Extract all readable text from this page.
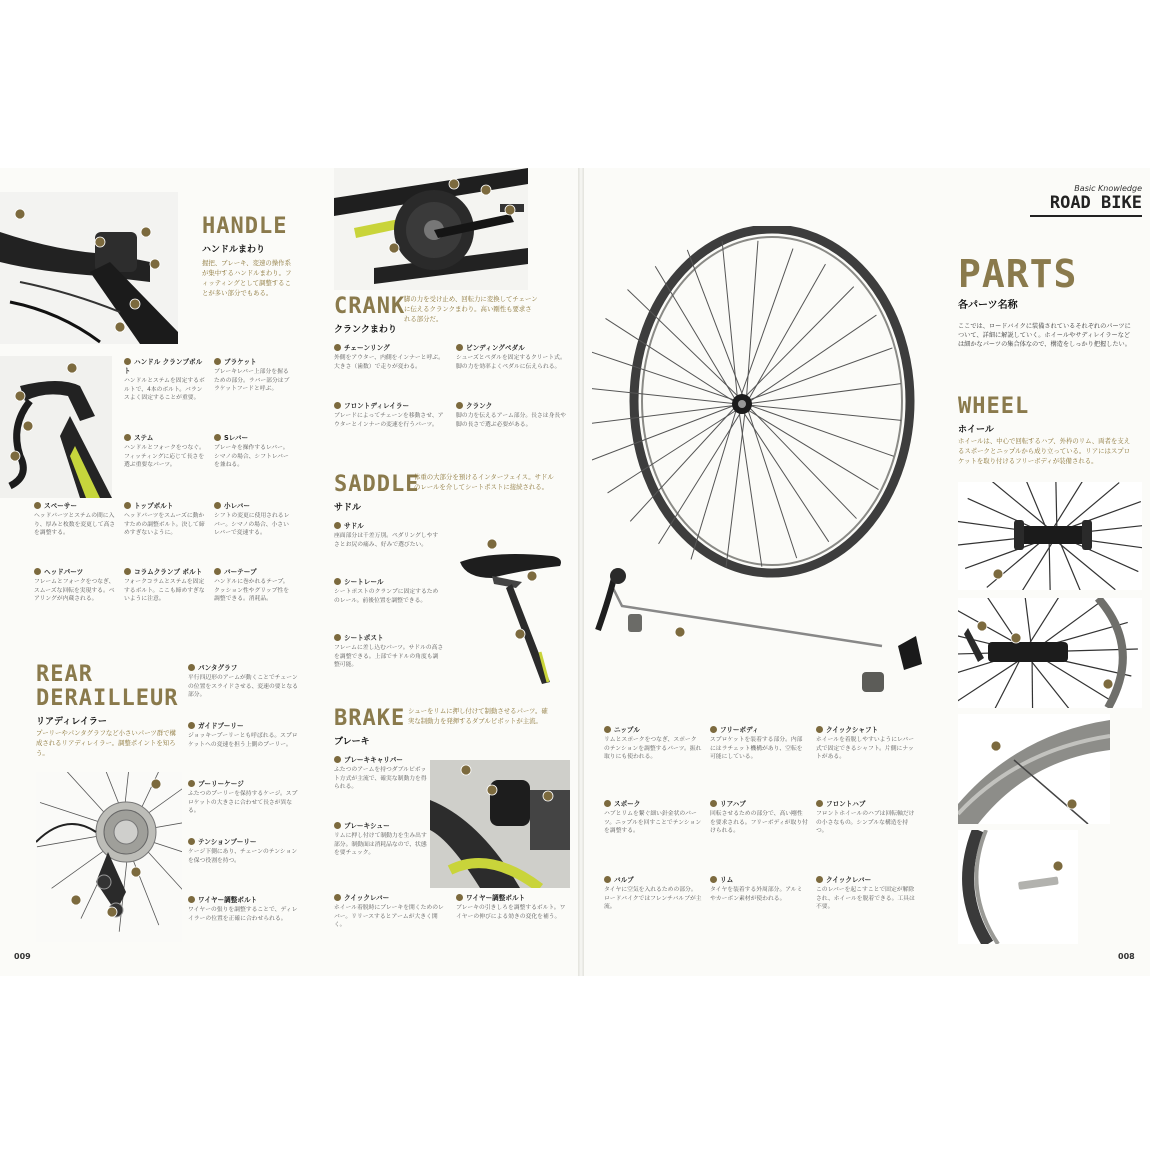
HANDLE
ハンドルまわり
握把、ブレーキ、変速の操作系が集中するハンドルまわり。フィッティングとして調整することが多い部分でもある。
ハンドル クランプボルト
ハンドルとステムを固定するボルトで、4本のボルト。バランスよく固定することが重要。
ブラケット
ブレーキレバー上部分を握るための部分。ラバー部分はブラケットフードと呼ぶ。
ステム
ハンドルとフォークをつなぐ。フィッティングに応じて長さを選ぶ重要なパーツ。
Sレバー
ブレーキを操作するレバー。シマノの場合、シフトレバーを兼ねる。
スペーサー
ヘッドパーツとステムの間に入り、厚みと枚数を変更して高さを調整する。
トップボルト
ヘッドパーツをスムーズに動かすための調整ボルト。決して締めすぎないように。
小レバー
シフトの変更に使用されるレバー。シマノの場合、小さいレバーで変速する。
ヘッドパーツ
フレームとフォークをつなぎ、スムーズな回転を実現する。ベアリングが内蔵される。
コラムクランプ ボルト
フォークコラムとステムを固定するボルト。ここも締めすぎないように注意。
バーテープ
ハンドルに巻かれるテープ。クッション性やグリップ性を調整できる。消耗品。
REAR
DERAILLEUR
リアディレイラー
プーリーやパンタグラフなど小さいパーツ群で構成されるリアディレイラー。調整ポイントを知ろう。
パンタグラフ
平行四辺形のアームが動くことでチェーンの位置をスライドさせる、変速の要となる部分。
ガイドプーリー
ジョッキープーリーとも呼ばれる。スプロケットへの変速を担う上側のプーリー。
プーリーケージ
ふたつのプーリーを保持するケージ。スプロケットの大きさに合わせて長さが異なる。
テンションプーリー
ケージ下側にあり、チェーンのテンションを保つ役割を持つ。
ワイヤー調整ボルト
ワイヤーの張りを調整することで、ディレイラーの位置を正確に合わせられる。
CRANK
クランクまわり
脚の力を受け止め、回転力に変換してチェーンに伝えるクランクまわり。高い剛性も要求される部分だ。
チェーンリング
外側をアウター、内側をインナーと呼ぶ。大きさ（歯数）で走りが変わる。
ビンディングペダル
シューズとペダルを固定するクリート式。脚の力を効率よくペダルに伝えられる。
フロントディレイラー
ブレードによってチェーンを移動させ、アウターとインナーの変速を行うパーツ。
クランク
脚の力を伝えるアーム部分。長さは身長や脚の長さで選ぶ必要がある。
SADDLE
サドル
体重の大部分を預けるインターフェイス。サドルのレールを介してシートポストに接続される。
サドル
座面部分は千差万別。ペダリングしやすさとお尻の痛み、好みで選びたい。
シートレール
シートポストのクランプに固定するためのレール。前後位置を調整できる。
シートポスト
フレームに差し込むパーツ。サドルの高さを調整できる。上部でサドルの角度も調整可能。
BRAKE
ブレーキ
シューをリムに押し付けて制動させるパーツ。確実な制動力を発揮するダブルピボットが主流。
ブレーキキャリパー
ふたつのアームを持つダブルピボット方式が主流で、確実な制動力を得られる。
ブレーキシュー
リムに押し付けて制動力を生み出す部分。制動面は消耗品なので、状態を要チェック。
クイックレバー
ホイール着脱時にブレーキを開くためのレバー。リリースするとアームが大きく開く。
ワイヤー調整ボルト
ブレーキの引きしろを調整するボルト。ワイヤーの伸びによる効きの変化を補う。
009
Basic Knowledge
ROAD  BIKE
PARTS
各パーツ名称
ここでは、ロードバイクに装備されているそれぞれのパーツについて、詳細に解説していく。ホイールやサディレイラーなどは細かなパーツの集合体なので、構造をしっかり把握したい。
WHEEL
ホイール
ホイールは、中心で回転するハブ、外枠のリム、両者を支えるスポークとニップルから成り立っている。リアにはスプロケットを取り付けるフリーボディが装備される。
ニップル
リムとスポークをつなぎ、スポークのテンションを調整するパーツ。振れ取りにも使われる。
フリーボディ
スプロケットを装着する部分。内部にはラチェット機構があり、空転を可能にしている。
クイックシャフト
ホイールを着脱しやすいようにレバー式で固定できるシャフト。片側にナットがある。
スポーク
ハブとリムを繋ぐ細い針金状のパーツ。ニップルを回すことでテンションを調整する。
リアハブ
回転させるための部分で、高い剛性を要求される。フリーボディが取り付けられる。
フロントハブ
フロントホイールのハブは回転軸だけの小さなもの。シンプルな構造を持つ。
バルブ
タイヤに空気を入れるための部分。ロードバイクではフレンチバルブが主流。
リム
タイヤを装着する外周部分。アルミやカーボン素材が使われる。
クイックレバー
このレバーを起こすことで固定が解除され、ホイールを脱着できる。工具は不要。
008
